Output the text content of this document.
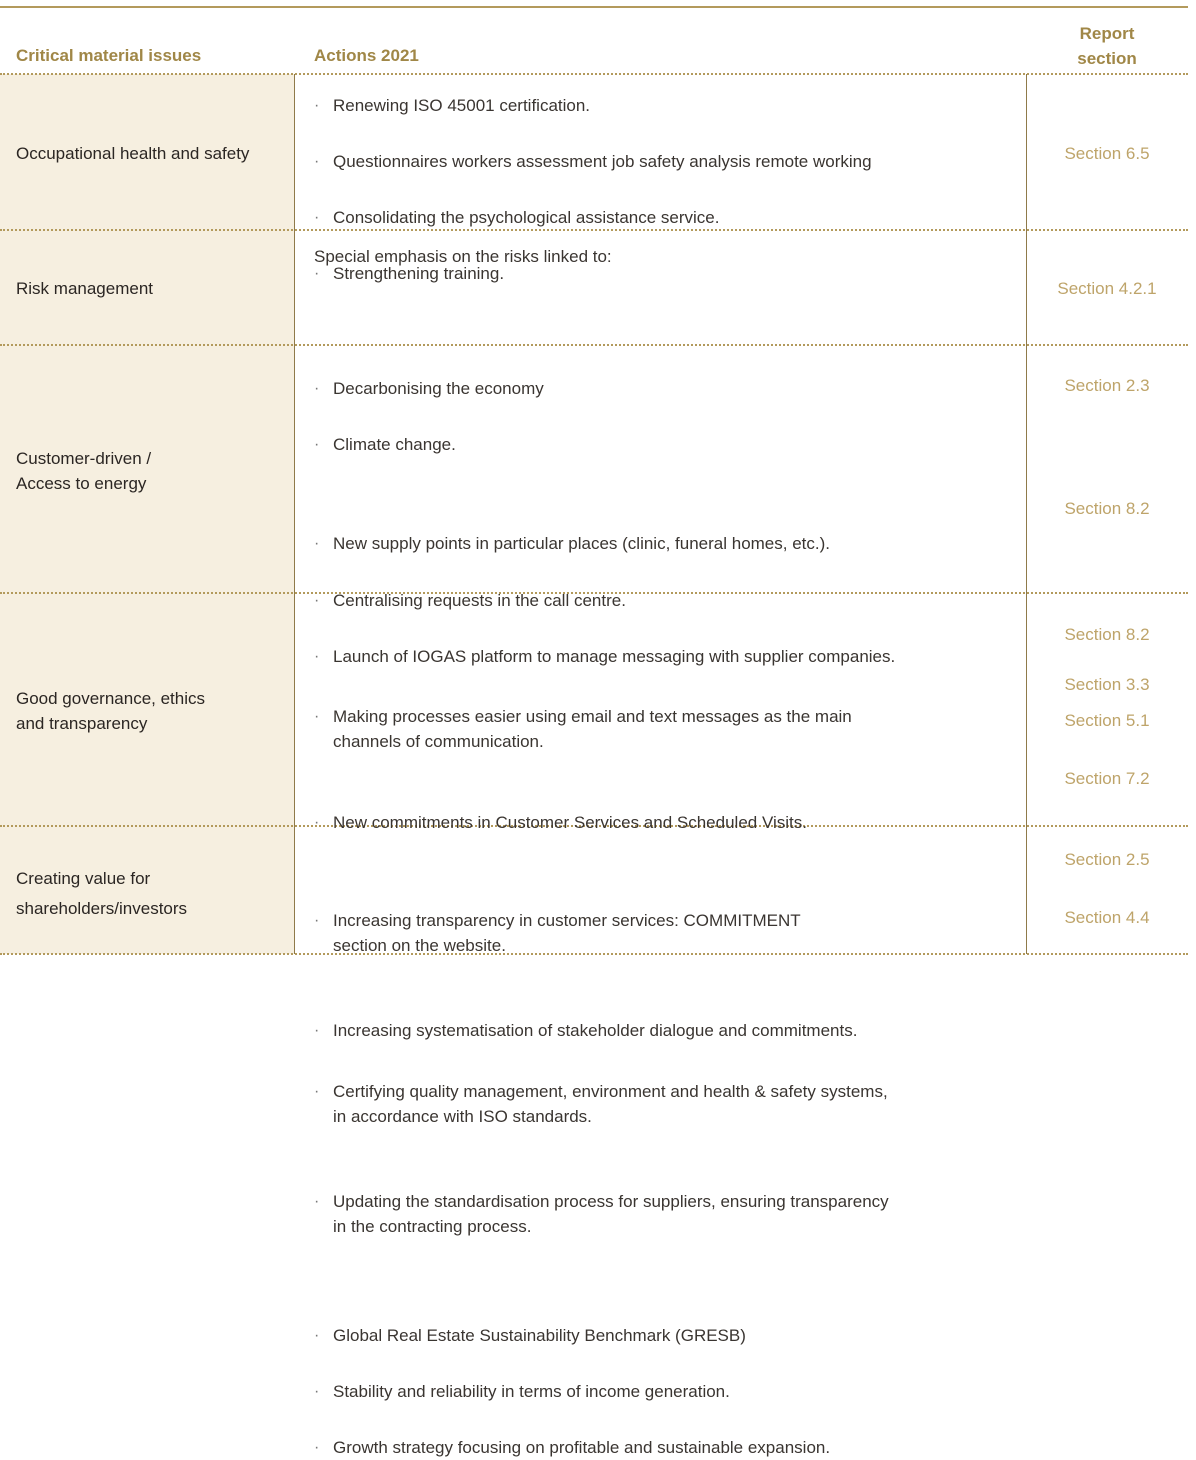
Critical material issues	Actions 2021
Report
section
Occupational health and safety
· Renewing ISO 45001 certification.
· Questionnaires workers assessment job safety analysis remote working
· Consolidating the psychological assistance service.
· Strengthening training.
Section 6.5
Risk management
Special emphasis on the risks linked to:
· Decarbonising the economy
· Climate change.
Section 4.2.1
Customer-driven /
Access to energy
· New supply points in particular places (clinic, funeral homes, etc.).
· Centralising requests in the call centre.
· Launch of IOGAS platform to manage messaging with supplier companies.
· Making processes easier using email and text messages as the main
channels of communication.
· New commitments in Customer Services and Scheduled Visits.
Section 2.3
Section 8.2
Good governance, ethics
and transparency
· Increasing transparency in customer services: COMMITMENT
section on the website.
· Increasing systematisation of stakeholder dialogue and commitments.
· Certifying quality management, environment and health & safety systems,
in accordance with ISO standards.
· Updating the standardisation process for suppliers, ensuring transparency
in the contracting process.
Section 8.2
Section 3.3
Section 5.1
Section 7.2
Creating value for
shareholders/investors
· Global Real Estate Sustainability Benchmark (GRESB)
· Stability and reliability in terms of income generation.
· Growth strategy focusing on profitable and sustainable expansion.
Section 2.5
Section 4.4
